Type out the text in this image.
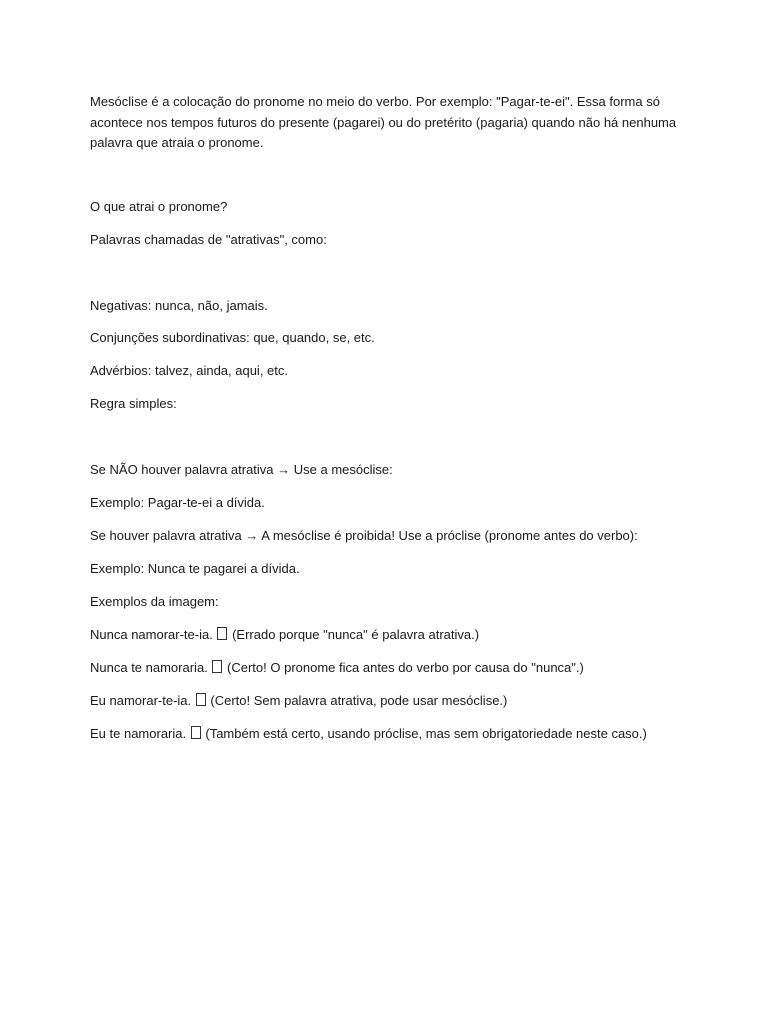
Mesóclise é a colocação do pronome no meio do verbo. Por exemplo: "Pagar-te-ei". Essa forma só acontece nos tempos futuros do presente (pagarei) ou do pretérito (pagaria) quando não há nenhuma palavra que atraia o pronome.

O que atrai o pronome?

Palavras chamadas de "atrativas", como:

Negativas: nunca, não, jamais.

Conjunções subordinativas: que, quando, se, etc.

Advérbios: talvez, ainda, aqui, etc.

Regra simples:

Se NÃO houver palavra atrativa → Use a mesóclise:

Exemplo: Pagar-te-ei a dívida.

Se houver palavra atrativa → A mesóclise é proibida! Use a próclise (pronome antes do verbo):

Exemplo: Nunca te pagarei a dívida.

Exemplos da imagem:

Nunca namorar-te-ia. (Errado porque "nunca" é palavra atrativa.)

Nunca te namoraria. (Certo! O pronome fica antes do verbo por causa do "nunca".)

Eu namorar-te-ia. (Certo! Sem palavra atrativa, pode usar mesóclise.)

Eu te namoraria. (Também está certo, usando próclise, mas sem obrigatoriedade neste caso.)
